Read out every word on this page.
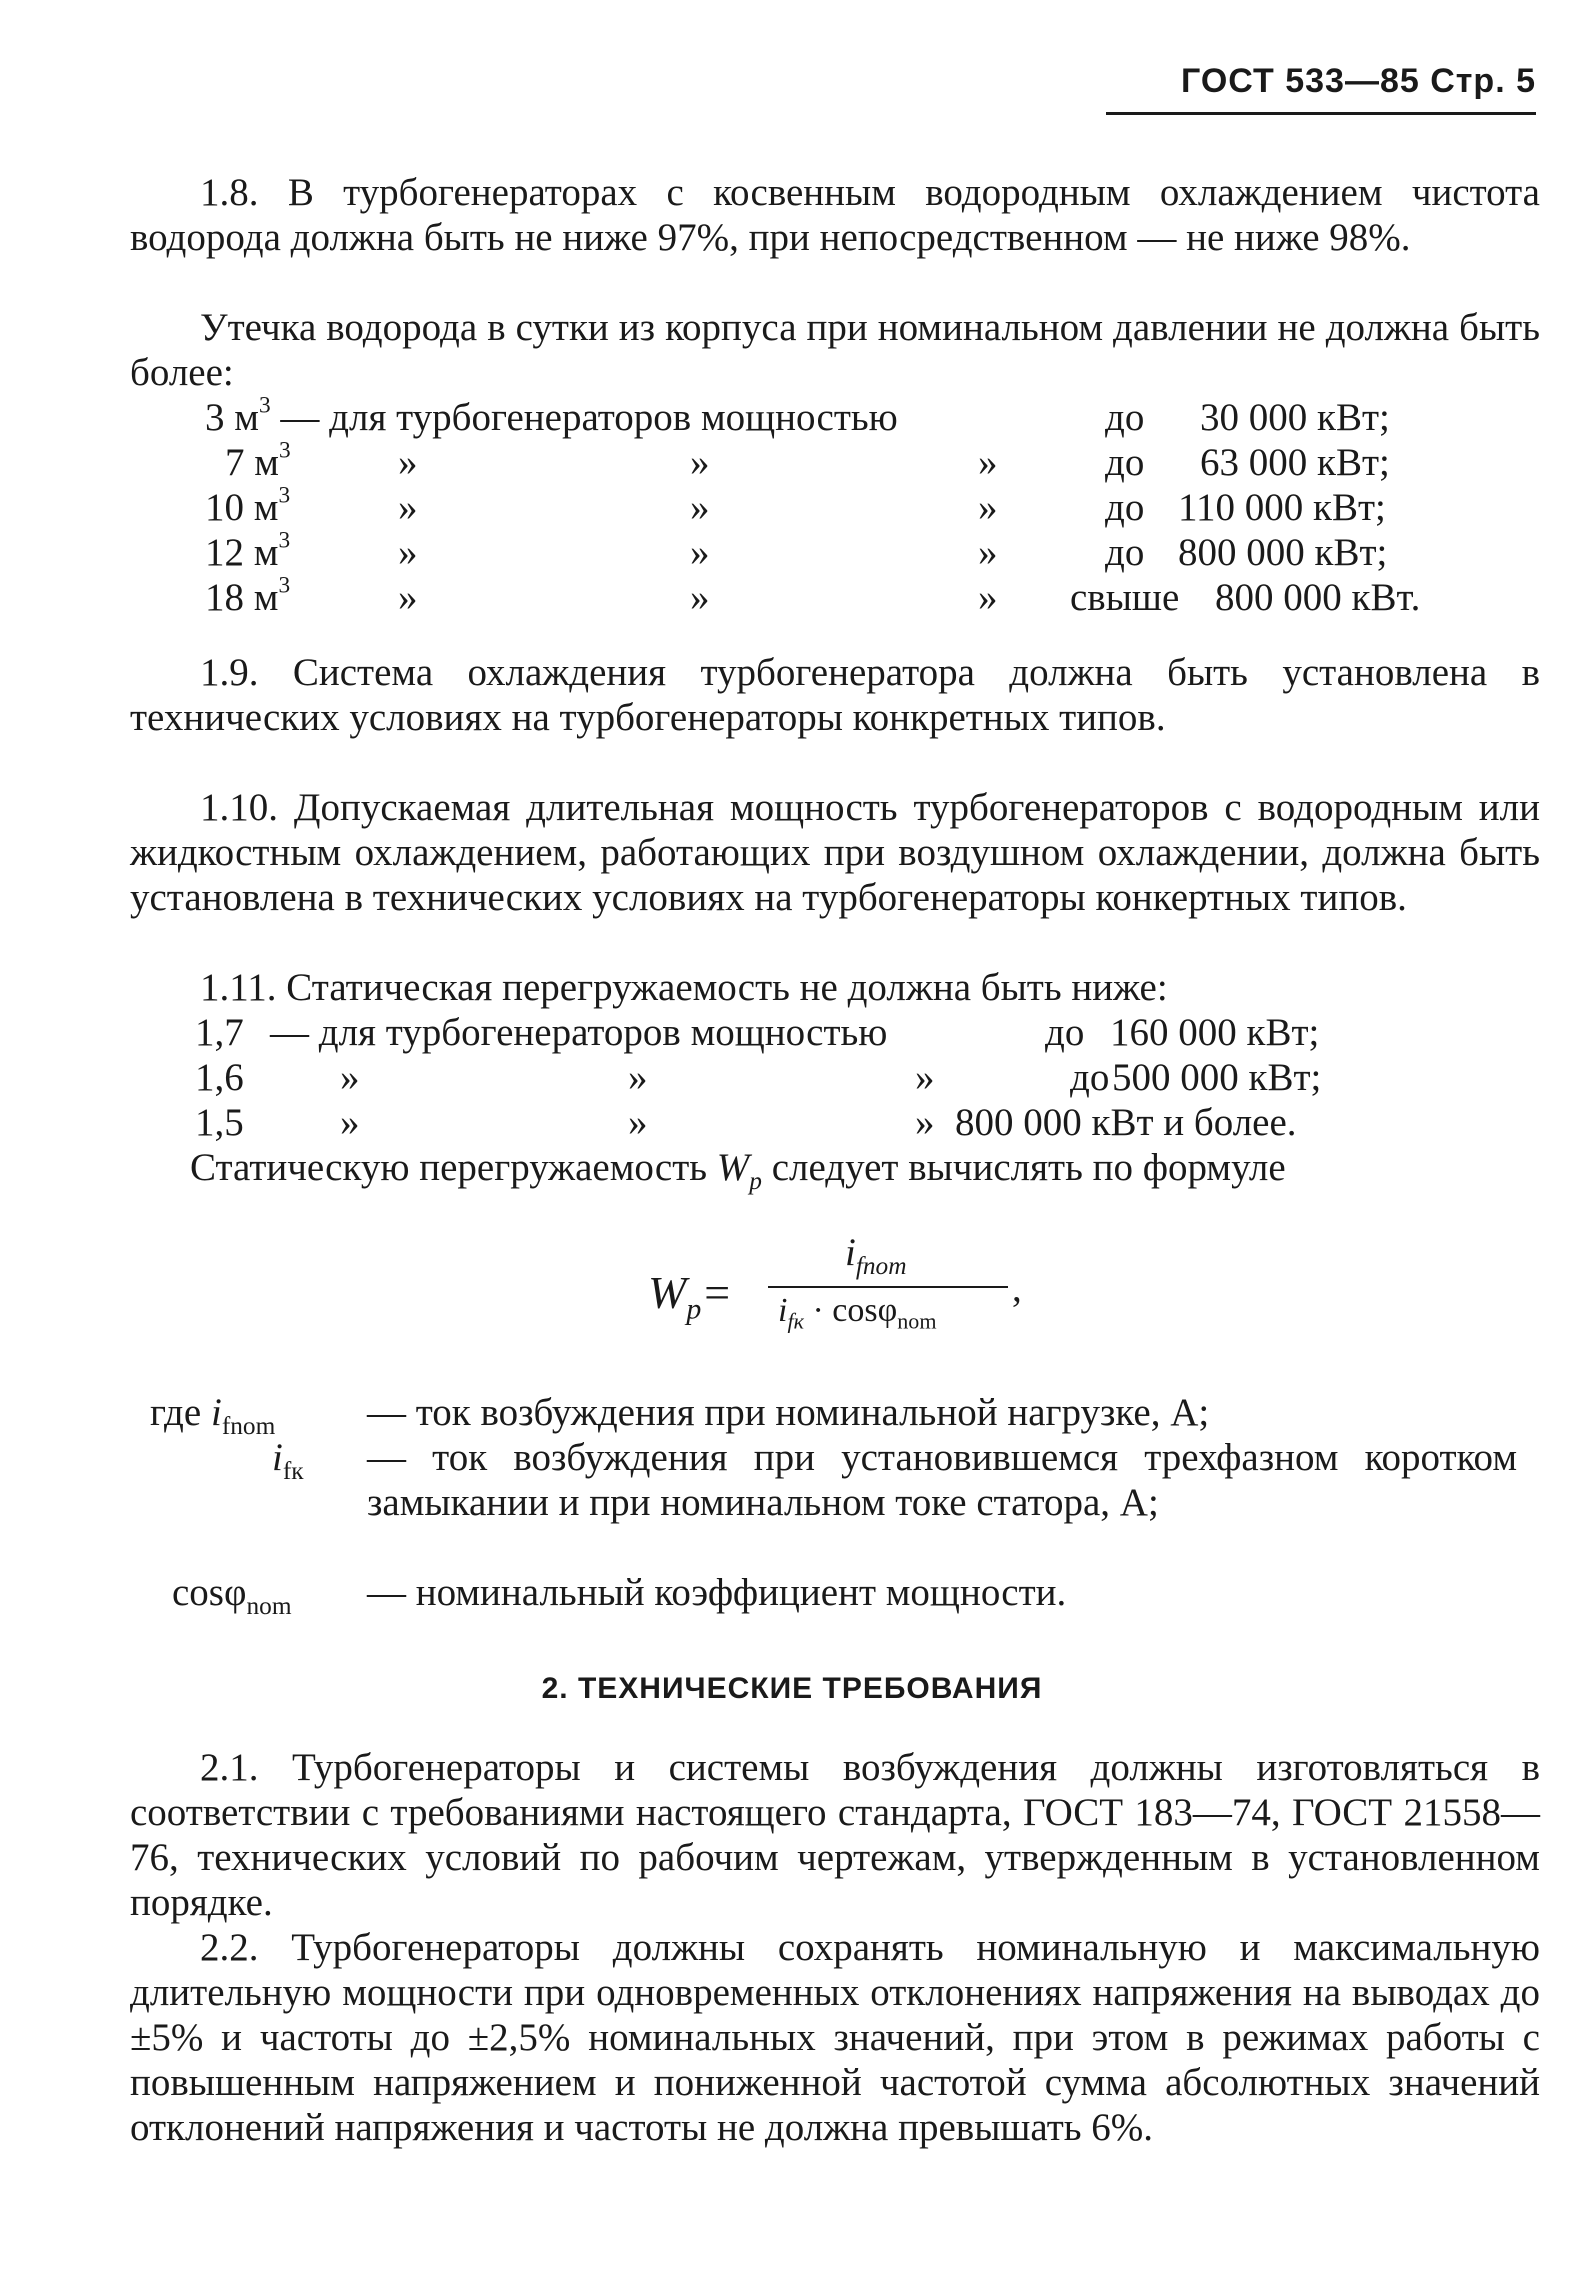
ГОСТ 533—85 Стр. 5
1.8. В турбогенераторах с косвенным водородным охлаждением чистота водорода должна быть не ниже 97%, при непосредственном — не ниже 98%.
Утечка водорода в сутки из корпуса при номинальном давлении не должна быть более:
3 $м^3$ — для турбогенераторов мощностью	до 30 000 кВт;
7 $м^3$	»	»	»	до 63 000 кВт;
10 $м^3$	»	»	»	до 110 000 кВт;
12 $м^3$	»	»	»	до 800 000 кВт;
18 $м^3$	»	»	» свыше 800 000 кВт.
1.9. Система охлаждения турбогенератора должна быть установлена в технических условиях на турбогенераторы конкретных типов.
1.10. Допускаемая длительная мощность турбогенераторов с водородным или жидкостным охлаждением, работающих при воздушном охлаждении, должна быть установлена в технических условиях на турбогенераторы конкертных типов.
1.11. Статическая перегружаемость не должна быть ниже:
1,7 — для турбогенераторов мощностью	до 160 000 кВт;
1,6 »	»	»	до 500 000 кВт;
1,5 »	»	» 800 000 кВт и более.
Статическую перегружаемость $W_p$ следует вычислять по формуле
$W_p=$
$i_{fnom}$
$i_{fк} \cdot \cos\varphi_{nom}$
,
где $i_{fnom}$ — ток возбуждения при номинальной нагрузке, А;
$i_{fк}$ — ток возбуждения при установившемся трехфазном коротком замыкании и при номинальном токе статора, А;
cosφ$_{nom}$ — номинальный коэффициент мощности.
2. ТЕХНИЧЕСКИЕ ТРЕБОВАНИЯ
2.1. Турбогенераторы и системы возбуждения должны изготовляться в соответствии с требованиями настоящего стандарта, ГОСТ 183—74, ГОСТ 21558—76, технических условий по рабочим чертежам, утвержденным в установленном порядке.
2.2. Турбогенераторы должны сохранять номинальную и максимальную длительную мощности при одновременных отклонениях напряжения на выводах до ±5% и частоты до ±2,5% номинальных значений, при этом в режимах работы с повышенным напряжением и пониженной частотой сумма абсолютных значений отклонений напряжения и частоты не должна превышать 6%.
